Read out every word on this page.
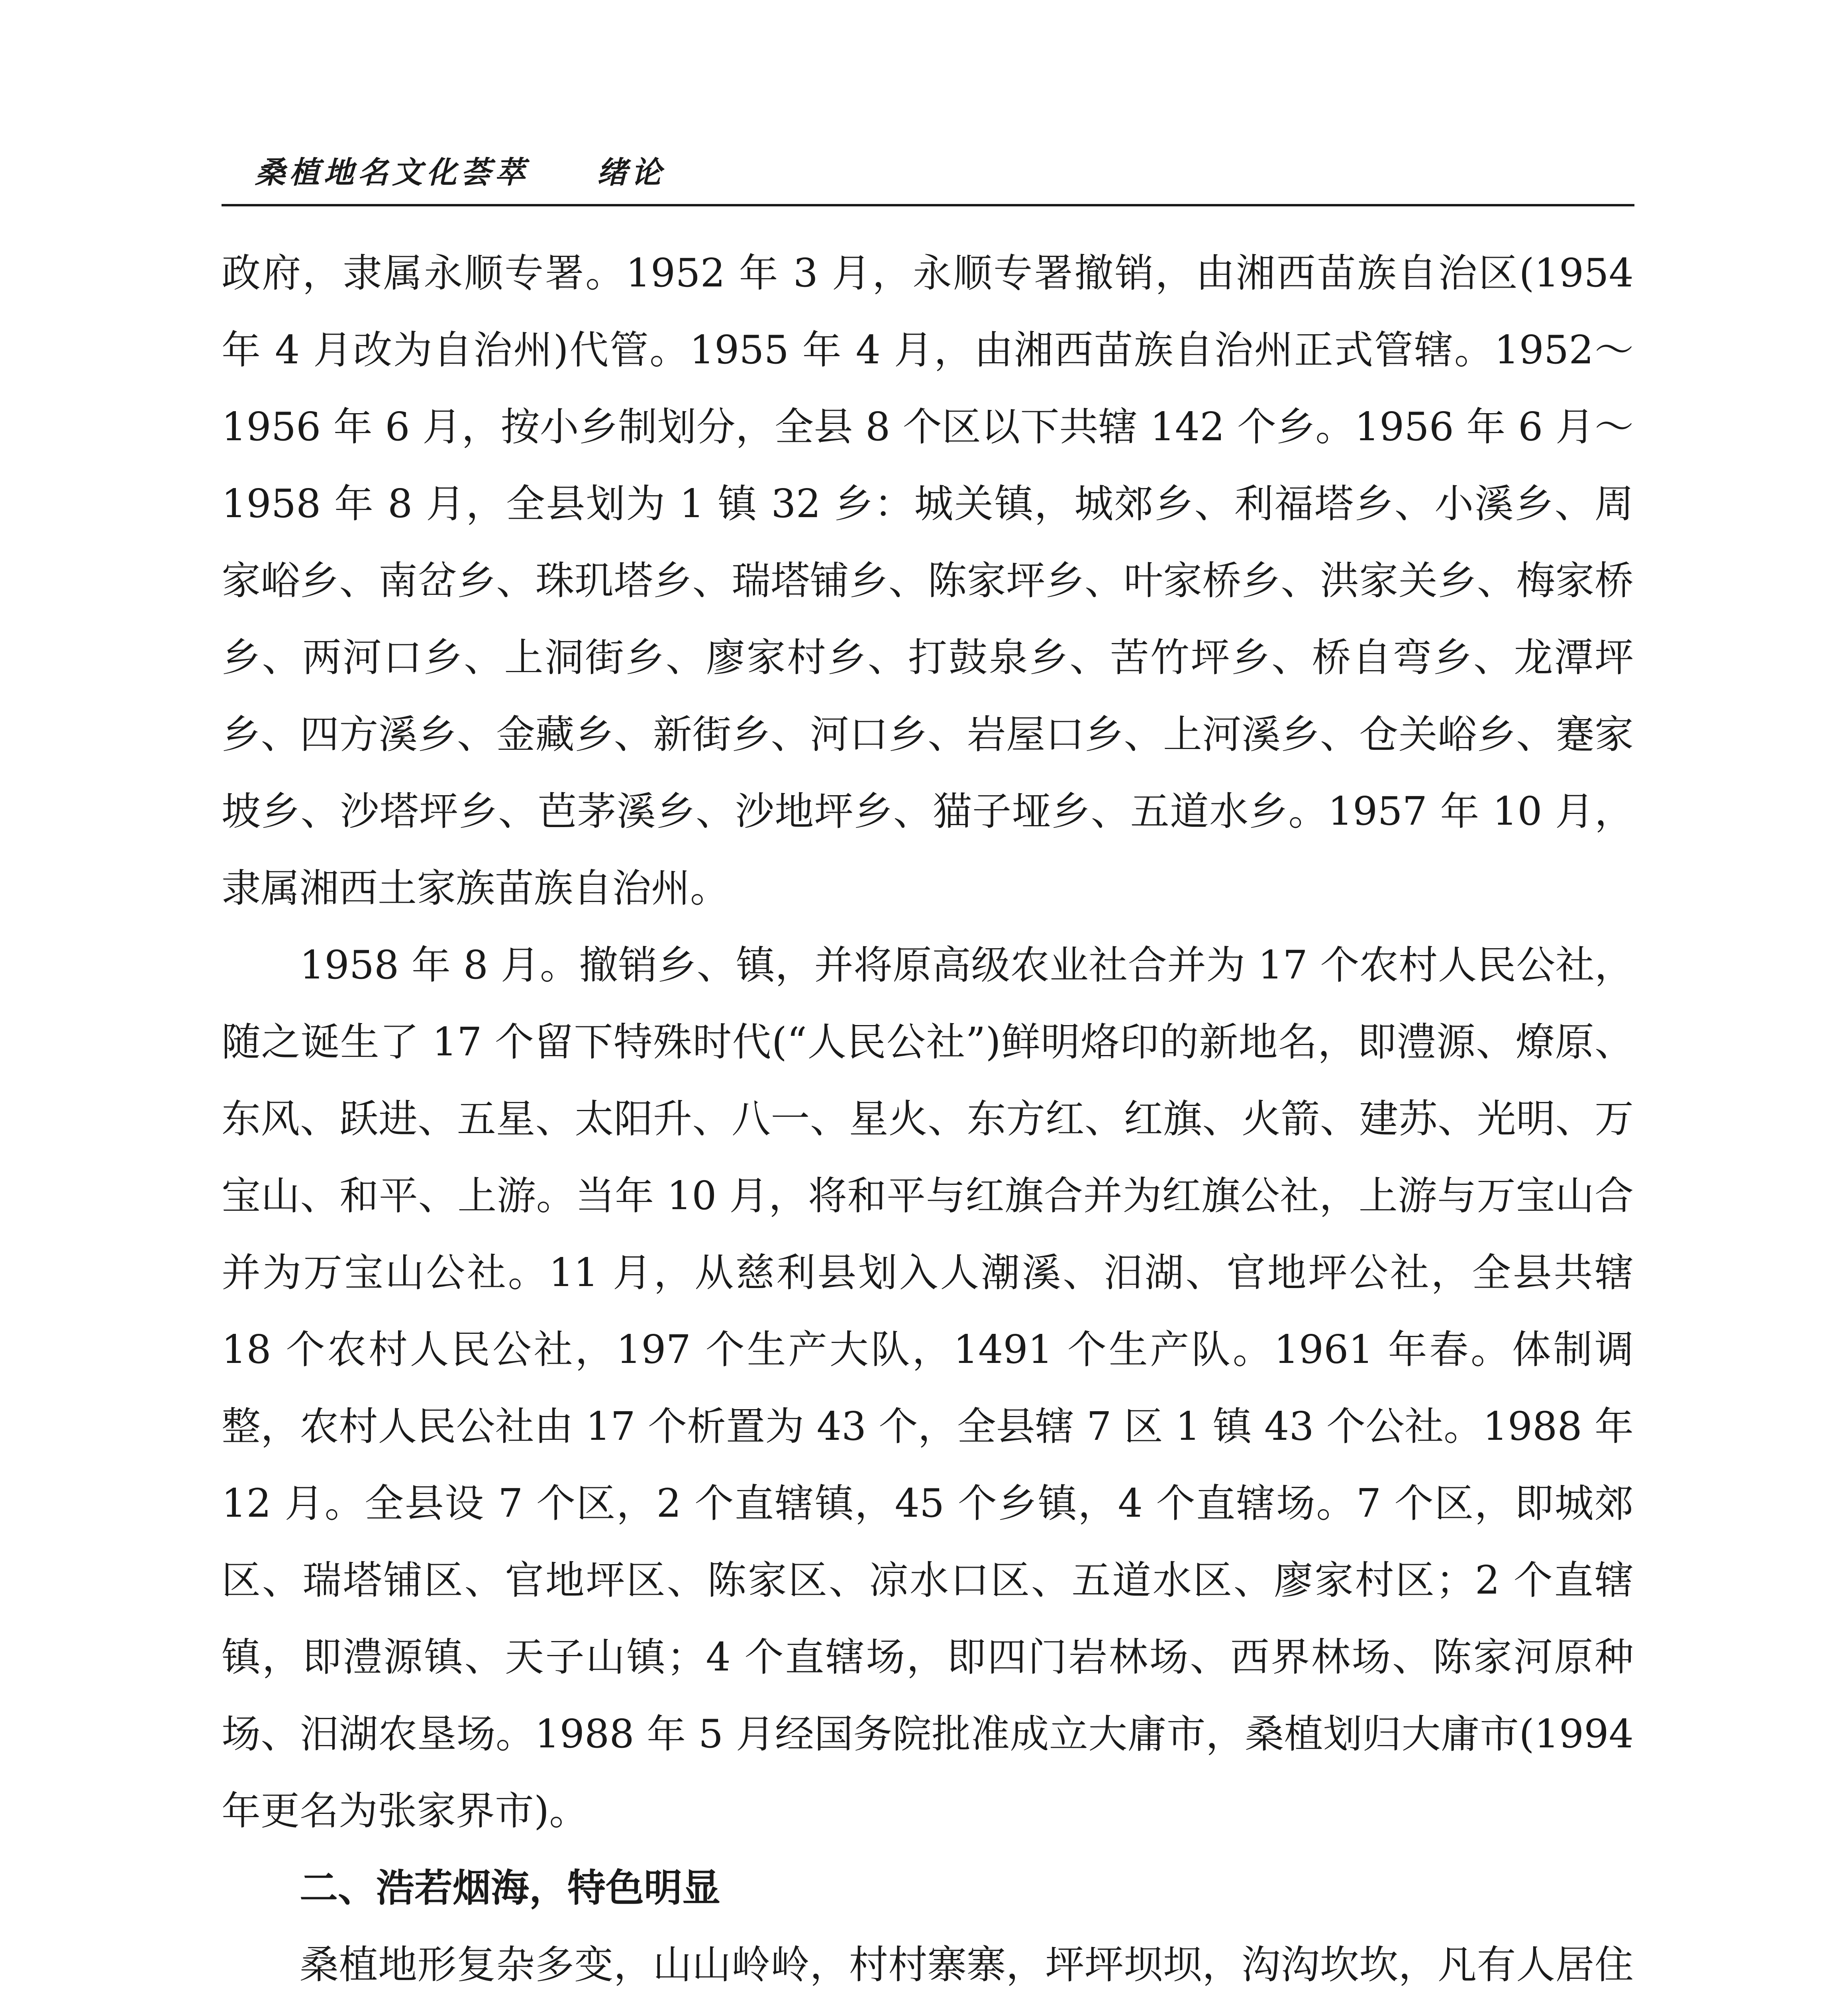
桑植地名文化荟萃 绪论

政府，隶属永顺专署。1952 年 3 月，永顺专署撤销，由湘西苗族自治区(1954 年 4 月改为自治州)代管。1955 年 4 月，由湘西苗族自治州正式管辖。1952～1956 年 6 月，按小乡制划分，全县 8 个区以下共辖 142 个乡。1956 年 6 月～1958 年 8 月，全县划为 1 镇 32 乡：城关镇，城郊乡、利福塔乡、小溪乡、周家峪乡、南岔乡、珠玑塔乡、瑞塔铺乡、陈家坪乡、叶家桥乡、洪家关乡、梅家桥乡、两河口乡、上洞街乡、廖家村乡、打鼓泉乡、苦竹坪乡、桥自弯乡、龙潭坪乡、四方溪乡、金藏乡、新街乡、河口乡、岩屋口乡、上河溪乡、仓关峪乡、蹇家坡乡、沙塔坪乡、芭茅溪乡、沙地坪乡、猫子垭乡、五道水乡。1957 年 10 月，隶属湘西土家族苗族自治州。

1958 年 8 月。撤销乡、镇，并将原高级农业社合并为 17 个农村人民公社，随之诞生了 17 个留下特殊时代(“人民公社”)鲜明烙印的新地名，即澧源、燎原、东风、跃进、五星、太阳升、八一、星火、东方红、红旗、火箭、建苏、光明、万宝山、和平、上游。当年 10 月，将和平与红旗合并为红旗公社，上游与万宝山合并为万宝山公社。11 月，从慈利县划入人潮溪、汨湖、官地坪公社，全县共辖 18 个农村人民公社，197 个生产大队，1491 个生产队。1961 年春。体制调整，农村人民公社由 17 个析置为 43 个，全县辖 7 区 1 镇 43 个公社。1988 年 12 月。全县设 7 个区，2 个直辖镇，45 个乡镇，4 个直辖场。7 个区，即城郊区、瑞塔铺区、官地坪区、陈家区、凉水口区、五道水区、廖家村区；2 个直辖镇，即澧源镇、天子山镇；4 个直辖场，即四门岩林场、西界林场、陈家河原种场、汨湖农垦场。1988 年 5 月经国务院批准成立大庸市，桑植划归大庸市(1994 年更名为张家界市)。

二、浩若烟海，特色明显

桑植地形复杂多变，山山岭岭，村村寨寨，坪坪坝坝，沟沟坎坎，凡有人居住
